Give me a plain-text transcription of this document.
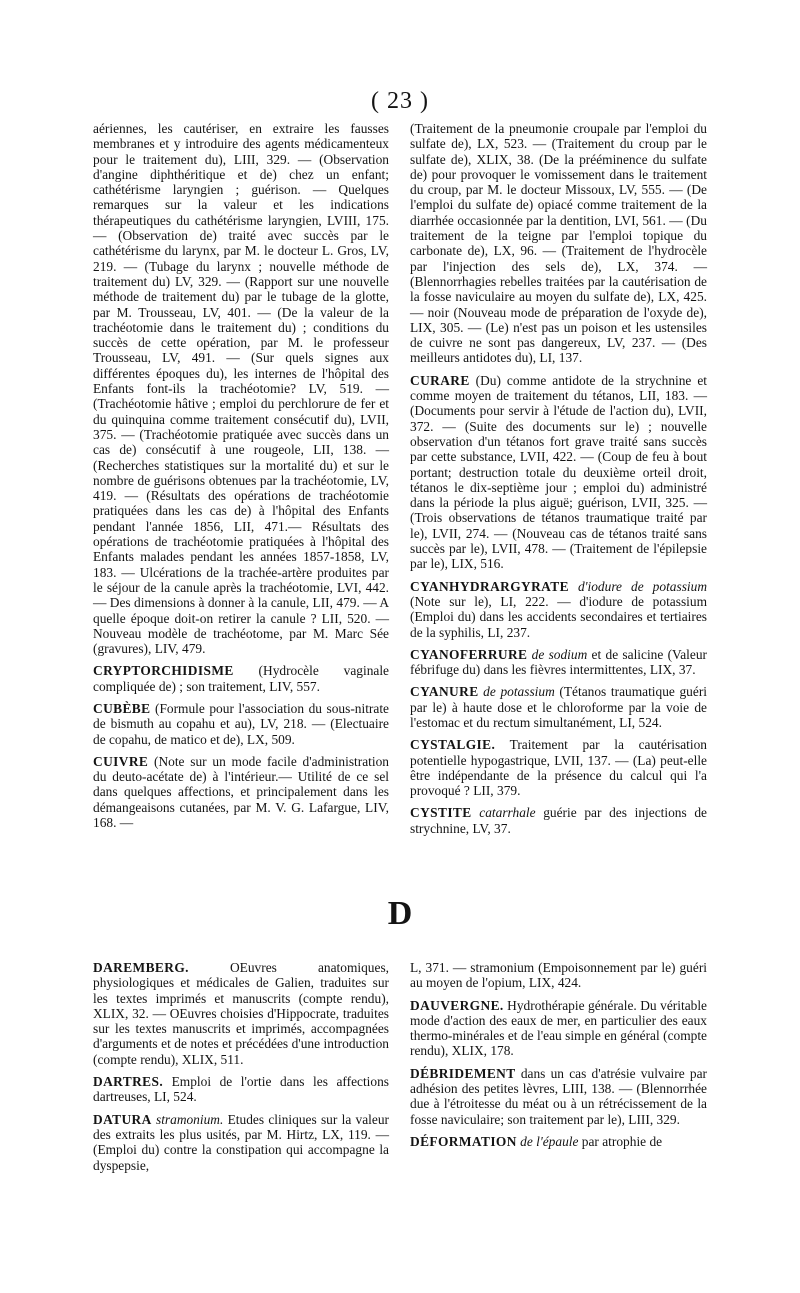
( 23 )

aériennes, les cautériser, en extraire les fausses membranes et y introduire des agents médicamenteux pour le traitement du), LIII, 329. — (Observation d'angine diphthéritique et de) chez un enfant; cathétérisme laryngien ; guérison. — Quelques remarques sur la valeur et les indications thérapeutiques du cathétérisme laryngien, LVIII, 175. — (Observation de) traité avec succès par le cathétérisme du larynx, par M. le docteur L. Gros, LV, 219. — (Tubage du larynx ; nouvelle méthode de traitement du) LV, 329. — (Rapport sur une nouvelle méthode de traitement du) par le tubage de la glotte, par M. Trousseau, LV, 401. — (De la valeur de la trachéotomie dans le traitement du) ; conditions du succès de cette opération, par M. le professeur Trousseau, LV, 491. — (Sur quels signes aux différentes époques du), les internes de l'hôpital des Enfants font-ils la trachéotomie? LV, 519. — (Trachéotomie hâtive ; emploi du perchlorure de fer et du quinquina comme traitement consécutif du), LVII, 375. — (Trachéotomie pratiquée avec succès dans un cas de) consécutif à une rougeole, LII, 138. — (Recherches statistiques sur la mortalité du) et sur le nombre de guérisons obtenues par la trachéotomie, LV, 419. — (Résultats des opérations de trachéotomie pratiquées dans les cas de) à l'hôpital des Enfants pendant l'année 1856, LII, 471.— Résultats des opérations de trachéotomie pratiquées à l'hôpital des Enfants malades pendant les années 1857-1858, LV, 183. — Ulcérations de la trachée-artère produites par le séjour de la canule après la trachéotomie, LVI, 442. — Des dimensions à donner à la canule, LII, 479. — A quelle époque doit-on retirer la canule ? LII, 520. — Nouveau modèle de trachéotome, par M. Marc Sée (gravures), LIV, 479.

CRYPTORCHIDISME (Hydrocèle vaginale compliquée de) ; son traitement, LIV, 557.

CUBÈBE (Formule pour l'association du sous-nitrate de bismuth au copahu et au), LV, 218. — (Electuaire de copahu, de matico et de), LX, 509.

CUIVRE (Note sur un mode facile d'administration du deuto-acétate de) à l'intérieur.— Utilité de ce sel dans quelques affections, et principalement dans les démangeaisons cutanées, par M. V. G. Lafargue, LIV, 168. —

(Traitement de la pneumonie croupale par l'emploi du sulfate de), LX, 523. — (Traitement du croup par le sulfate de), XLIX, 38. (De la prééminence du sulfate de) pour provoquer le vomissement dans le traitement du croup, par M. le docteur Missoux, LV, 555. — (De l'emploi du sulfate de) opiacé comme traitement de la diarrhée occasionnée par la dentition, LVI, 561. — (Du traitement de la teigne par l'emploi topique du carbonate de), LX, 96. — (Traitement de l'hydrocèle par l'injection des sels de), LX, 374. — (Blennorrhagies rebelles traitées par la cautérisation de la fosse naviculaire au moyen du sulfate de), LX, 425. — noir (Nouveau mode de préparation de l'oxyde de), LIX, 305. — (Le) n'est pas un poison et les ustensiles de cuivre ne sont pas dangereux, LV, 237. — (Des meilleurs antidotes du), LI, 137.

CURARE (Du) comme antidote de la strychnine et comme moyen de traitement du tétanos, LII, 183. — (Documents pour servir à l'étude de l'action du), LVII, 372. — (Suite des documents sur le) ; nouvelle observation d'un tétanos fort grave traité sans succès par cette substance, LVII, 422. — (Coup de feu à bout portant; destruction totale du deuxième orteil droit, tétanos le dix-septième jour ; emploi du) administré dans la période la plus aiguë; guérison, LVII, 325. — (Trois observations de tétanos traumatique traité par le), LVII, 274. — (Nouveau cas de tétanos traité sans succès par le), LVII, 478. — (Traitement de l'épilepsie par le), LIX, 516.

CYANHYDRARGYRATE d'iodure de potassium (Note sur le), LI, 222. — d'iodure de potassium (Emploi du) dans les accidents secondaires et tertiaires de la syphilis, LI, 237.

CYANOFERRURE de sodium et de salicine (Valeur fébrifuge du) dans les fièvres intermittentes, LIX, 37.

CYANURE de potassium (Tétanos traumatique guéri par le) à haute dose et le chloroforme par la voie de l'estomac et du rectum simultanément, LI, 524.

CYSTALGIE. Traitement par la cautérisation potentielle hypogastrique, LVII, 137. — (La) peut-elle être indépendante de la présence du calcul qui l'a provoqué ? LII, 379.

CYSTITE catarrhale guérie par des injections de strychnine, LV, 37.

D

DAREMBERG. OEuvres anatomiques, physiologiques et médicales de Galien, traduites sur les textes imprimés et manuscrits (compte rendu), XLIX, 32. — OEuvres choisies d'Hippocrate, traduites sur les textes manuscrits et imprimés, accompagnées d'arguments et de notes et précédées d'une introduction (compte rendu), XLIX, 511.

DARTRES. Emploi de l'ortie dans les affections dartreuses, LI, 524.

DATURA stramonium. Etudes cliniques sur la valeur des extraits les plus usités, par M. Hirtz, LX, 119. — (Emploi du) contre la constipation qui accompagne la dyspepsie,

L, 371. — stramonium (Empoisonnement par le) guéri au moyen de l'opium, LIX, 424.

DAUVERGNE. Hydrothérapie générale. Du véritable mode d'action des eaux de mer, en particulier des eaux thermo-minérales et de l'eau simple en général (compte rendu), XLIX, 178.

DÉBRIDEMENT dans un cas d'atrésie vulvaire par adhésion des petites lèvres, LIII, 138. — (Blennorrhée due à l'étroitesse du méat ou à un rétrécissement de la fosse naviculaire; son traitement par le), LIII, 329.

DÉFORMATION de l'épaule par atrophie de
